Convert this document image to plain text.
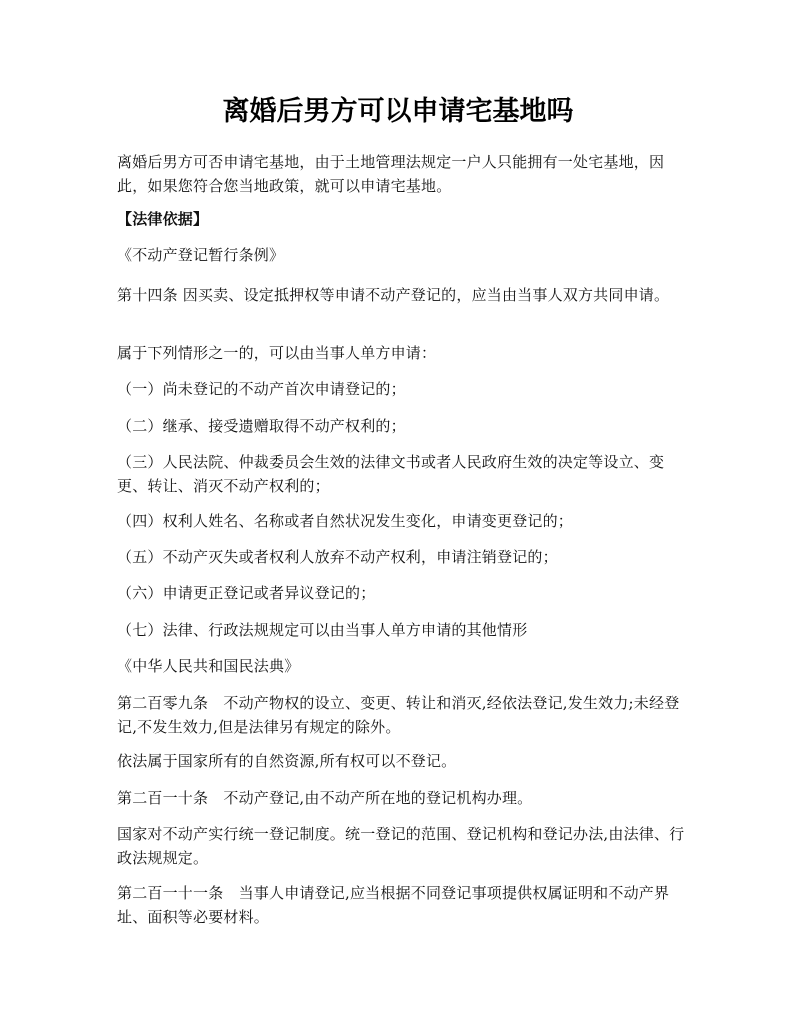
离婚后男方可以申请宅基地吗

离婚后男方可否申请宅基地，由于土地管理法规定一户人只能拥有一处宅基地，因此，如果您符合您当地政策，就可以申请宅基地。

【法律依据】

《不动产登记暂行条例》

第十四条 因买卖、设定抵押权等申请不动产登记的，应当由当事人双方共同申请。

属于下列情形之一的，可以由当事人单方申请：

（一）尚未登记的不动产首次申请登记的；

（二）继承、接受遗赠取得不动产权利的；

（三）人民法院、仲裁委员会生效的法律文书或者人民政府生效的决定等设立、变更、转让、消灭不动产权利的；

（四）权利人姓名、名称或者自然状况发生变化，申请变更登记的；

（五）不动产灭失或者权利人放弃不动产权利，申请注销登记的；

（六）申请更正登记或者异议登记的；

（七）法律、行政法规规定可以由当事人单方申请的其他情形

《中华人民共和国民法典》

第二百零九条　不动产物权的设立、变更、转让和消灭,经依法登记,发生效力;未经登记,不发生效力,但是法律另有规定的除外。

依法属于国家所有的自然资源,所有权可以不登记。

第二百一十条　不动产登记,由不动产所在地的登记机构办理。

国家对不动产实行统一登记制度。统一登记的范围、登记机构和登记办法,由法律、行政法规规定。

第二百一十一条　当事人申请登记,应当根据不同登记事项提供权属证明和不动产界址、面积等必要材料。
